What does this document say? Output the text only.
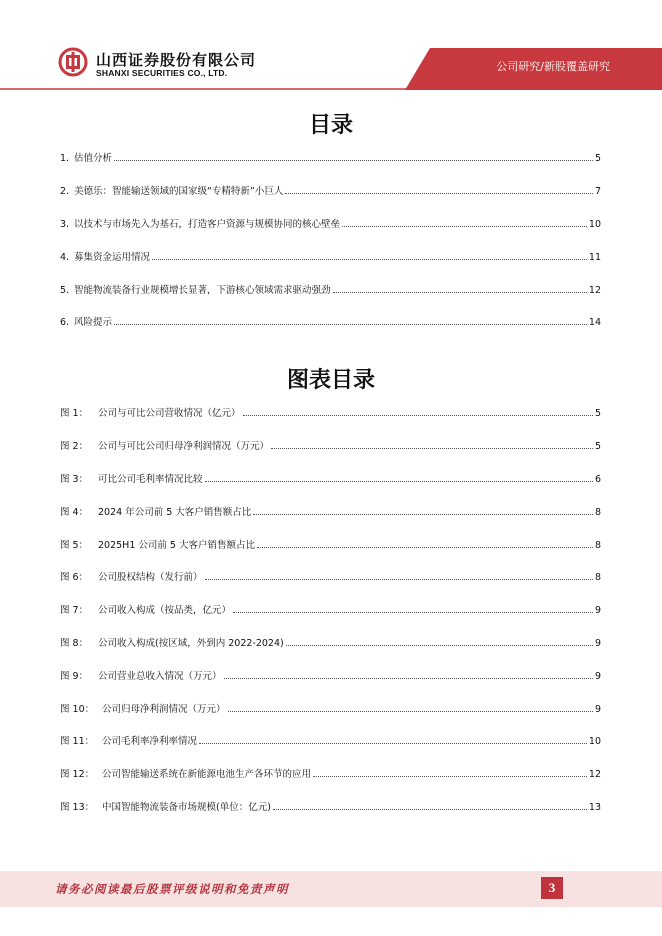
山西证券股份有限公司
SHANXI SECURITIES CO., LTD.	公司研究/新股覆盖研究
目录
1. 估值分析	5
2. 美德乐：智能输送领域的国家级“专精特新”小巨人	7
3. 以技术与市场先入为基石，打造客户资源与规模协同的核心壁垒	10
4. 募集资金运用情况	11
5. 智能物流装备行业规模增长显著，下游核心领域需求驱动强劲	12
6. 风险提示	14
图表目录
图 1：	公司与可比公司营收情况（亿元）	5
图 2：	公司与可比公司归母净利润情况（万元）	5
图 3：	可比公司毛利率情况比较	6
图 4：	2024 年公司前 5 大客户销售额占比	8
图 5：	2025H1 公司前 5 大客户销售额占比	8
图 6：	公司股权结构（发行前）	8
图 7：	公司收入构成（按品类，亿元）	9
图 8：	公司收入构成(按区域，外到内 2022-2024)	9
图 9：	公司营业总收入情况（万元）	9
图 10： 公司归母净利润情况（万元）	9
图 11： 公司毛利率净利率情况	10
图 12： 公司智能输送系统在新能源电池生产各环节的应用	12
图 13： 中国智能物流装备市场规模(单位：亿元)	13
请务必阅读最后股票评级说明和免责声明	3
